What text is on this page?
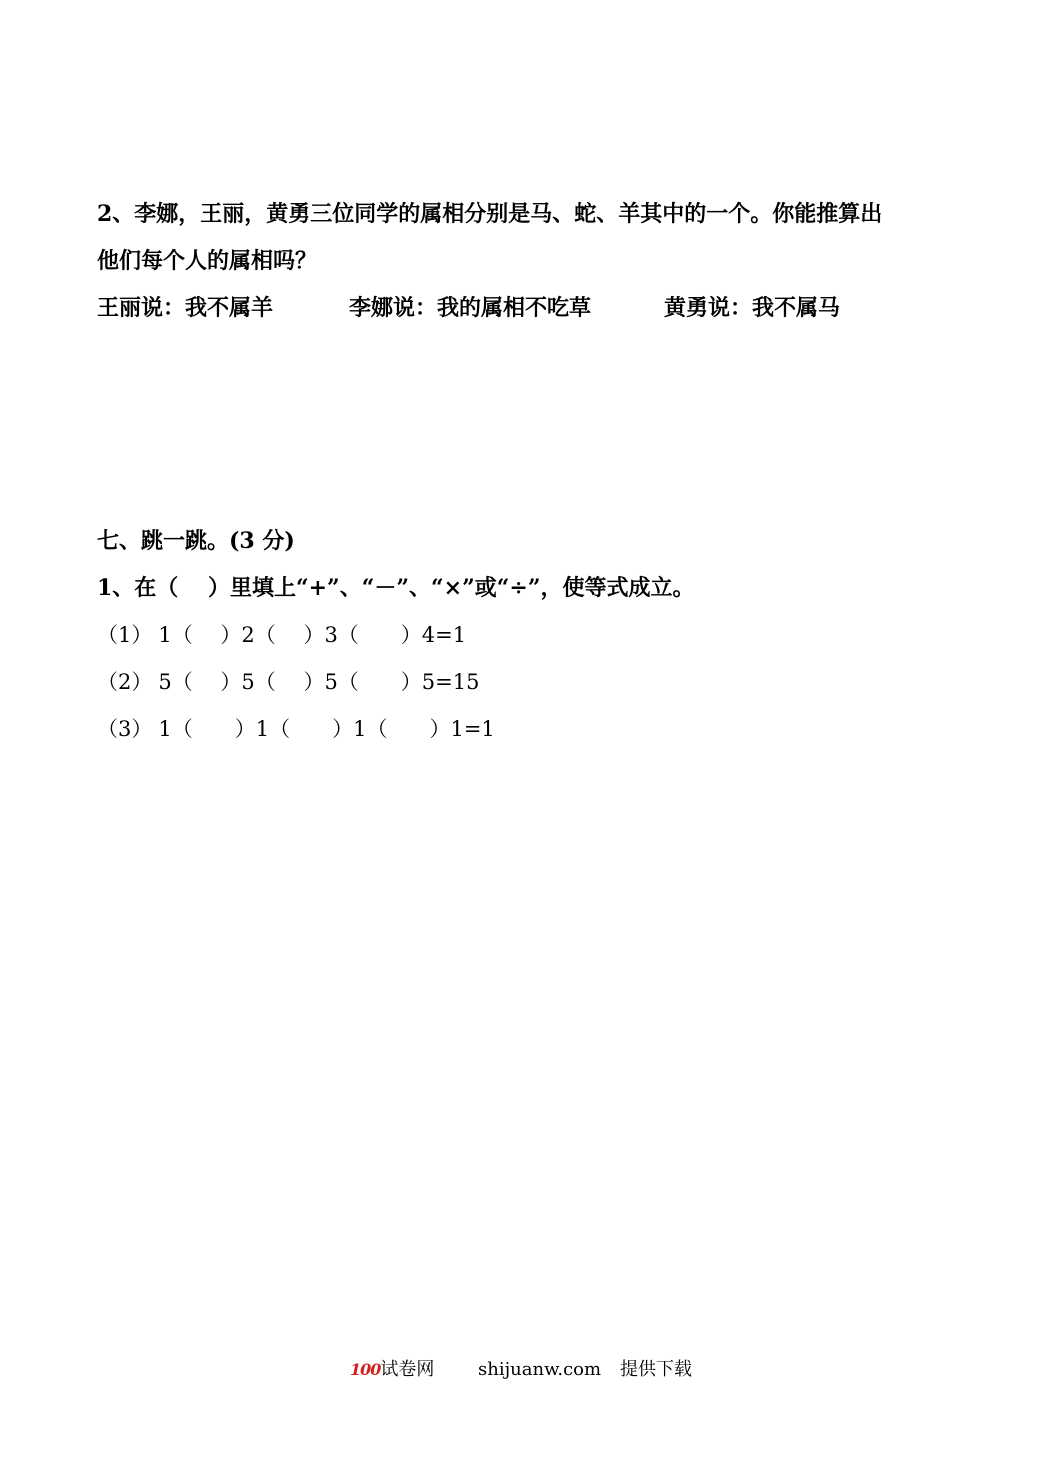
2、李娜，王丽，黄勇三位同学的属相分别是马、蛇、羊其中的一个。你能推算出
他们每个人的属相吗？
王丽说：我不属羊	李娜说：我的属相不吃草	黄勇说：我不属马
七、跳一跳。(3 分)
1、在（　 ）里填上“+”、“－”、“×”或“÷”，使等式成立。
（1） 1（　 ）2（　 ）3（　　）4=1
（2） 5（　 ）5（　 ）5（　　）5=15
（3） 1（　　）1（　　）1（　　）1=1
100试卷网 shijuanw.com 提供下载
